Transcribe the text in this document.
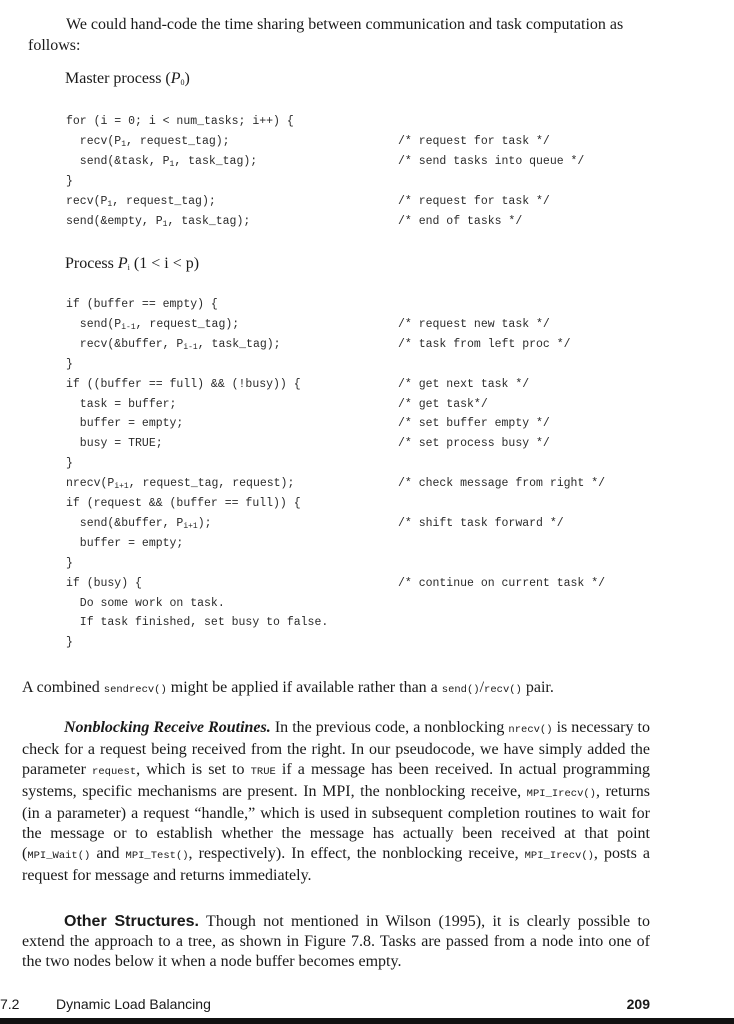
We could hand-code the time sharing between communication and task computation as follows:

Master process $(P_0)$

for (i = 0; i < num_tasks; i++) {
$recv(P_1$, request_tag);	/* request for task */
send(&task, $P_1$, task_tag);	/* send tasks into queue */
}
$recv(P_1$, request_tag);	/* request for task */
send(&empty, $P_1$, task_tag);	/* end of tasks */

Process $P_i$ (1 < i < p)

if (buffer == empty) {
$send(P_{i-1}$, request_tag);	/* request new task */
recv(&buffer, $P_{i-1}$, task_tag);	/* task from left proc */
}
if ((buffer == full) && (!busy)) {	/* get next task */
task = buffer;	/* get task*/
buffer = empty;	/* set buffer empty */
busy = TRUE;	/* set process busy */
}
$nrecv(P_{i+1}$, request_tag, request);	/* check message from right */
if (request && (buffer == full)) {
send(&buffer, $P_{i+1}$);	/* shift task forward */
buffer = empty;
}
if (busy) {	/* continue on current task */
Do some work on task.
If task finished, set busy to false.
}

A combined sendrecv() might be applied if available rather than a send()/recv() pair.

Nonblocking Receive Routines. In the previous code, a nonblocking nrecv() is necessary to check for a request being received from the right. In our pseudocode, we have simply added the parameter request, which is set to TRUE if a message has been received. In actual programming systems, specific mechanisms are present. In MPI, the nonblocking receive, MPI_Irecv(), returns (in a parameter) a request “handle,” which is used in subsequent completion routines to wait for the message or to establish whether the message has actually been received at that point (MPI_Wait() and MPI_Test(), respectively). In effect, the nonblocking receive, MPI_Irecv(), posts a request for message and returns immediately.

Other Structures. Though not mentioned in Wilson (1995), it is clearly possible to extend the approach to a tree, as shown in Figure 7.8. Tasks are passed from a node into one of the two nodes below it when a node buffer becomes empty.

7.2	Dynamic Load Balancing	209
